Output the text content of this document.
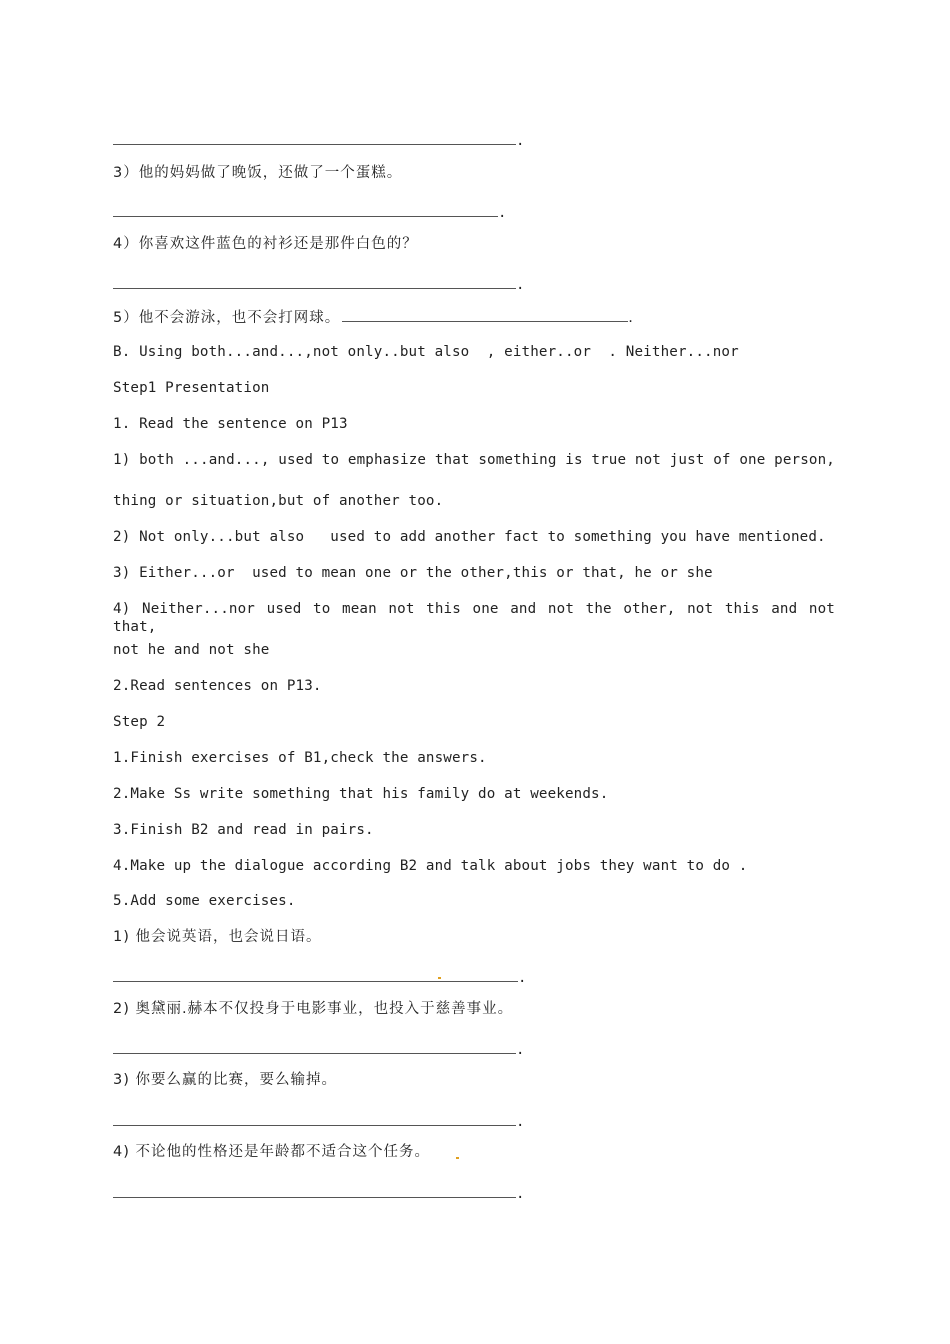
.
3）他的妈妈做了晚饭，还做了一个蛋糕。
.
4）你喜欢这件蓝色的衬衫还是那件白色的？
.
5）他不会游泳，也不会打网球。	.
B. Using both...and...,not only..but also  , either..or  . Neither...nor
Step1 Presentation
1. Read the sentence on P13
1) both ...and..., used to emphasize that something is true not just of one person,
thing or situation,but of another too.
2) Not only...but also   used to add another fact to something you have mentioned.
3) Either...or  used to mean one or the other,this or that, he or she
4) Neither...nor used to mean not this one and not the other, not this and not that,
not he and not she
2.Read sentences on P13.
Step 2
1.Finish exercises of B1,check the answers.
2.Make Ss write something that his family do at weekends.
3.Finish B2 and read in pairs.
4.Make up the dialogue according B2 and talk about jobs they want to do .
5.Add some exercises.
1) 他会说英语，也会说日语。
.
2) 奥黛丽.赫本不仅投身于电影事业，也投入于慈善事业。
.
3) 你要么赢的比赛，要么输掉。
.
4) 不论他的性格还是年龄都不适合这个任务。
.
